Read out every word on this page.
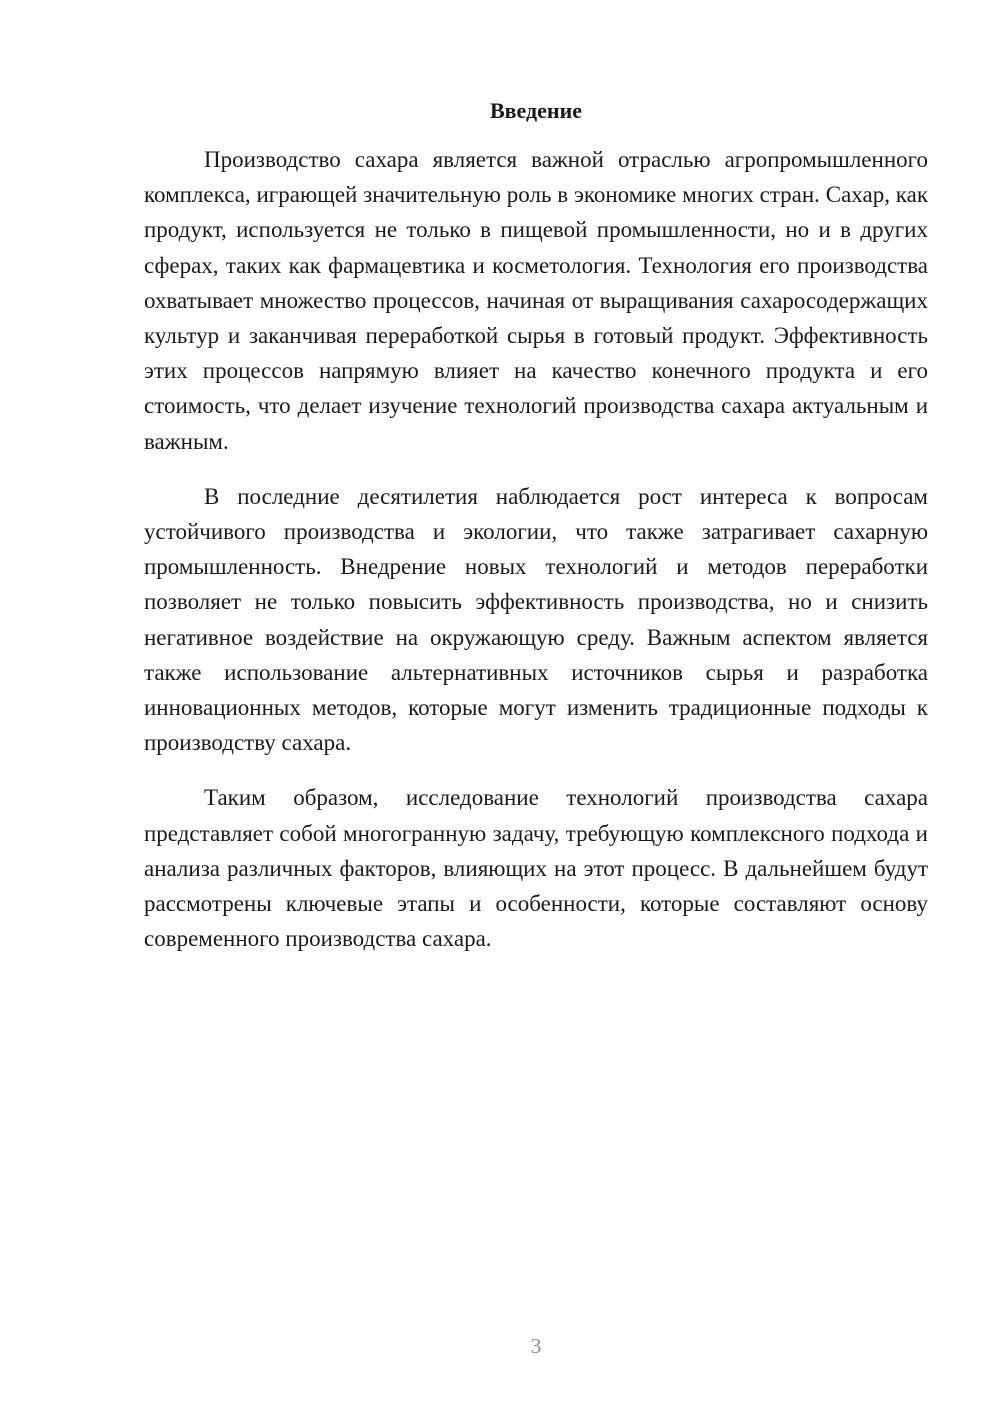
Введение

Производство сахара является важной отраслью агропромышленного комплекса, играющей значительную роль в экономике многих стран. Сахар, как продукт, используется не только в пищевой промышленности, но и в других сферах, таких как фармацевтика и косметология. Технология его производства охватывает множество процессов, начиная от выращивания сахаросодержащих культур и заканчивая переработкой сырья в готовый продукт. Эффективность этих процессов напрямую влияет на качество конечного продукта и его стоимость, что делает изучение технологий производства сахара актуальным и важным.

В последние десятилетия наблюдается рост интереса к вопросам устойчивого производства и экологии, что также затрагивает сахарную промышленность. Внедрение новых технологий и методов переработки позволяет не только повысить эффективность производства, но и снизить негативное воздействие на окружающую среду. Важным аспектом является также использование альтернативных источников сырья и разработка инновационных методов, которые могут изменить традиционные подходы к производству сахара.

Таким образом, исследование технологий производства сахара представляет собой многогранную задачу, требующую комплексного подхода и анализа различных факторов, влияющих на этот процесс. В дальнейшем будут рассмотрены ключевые этапы и особенности, которые составляют основу современного производства сахара.

3
